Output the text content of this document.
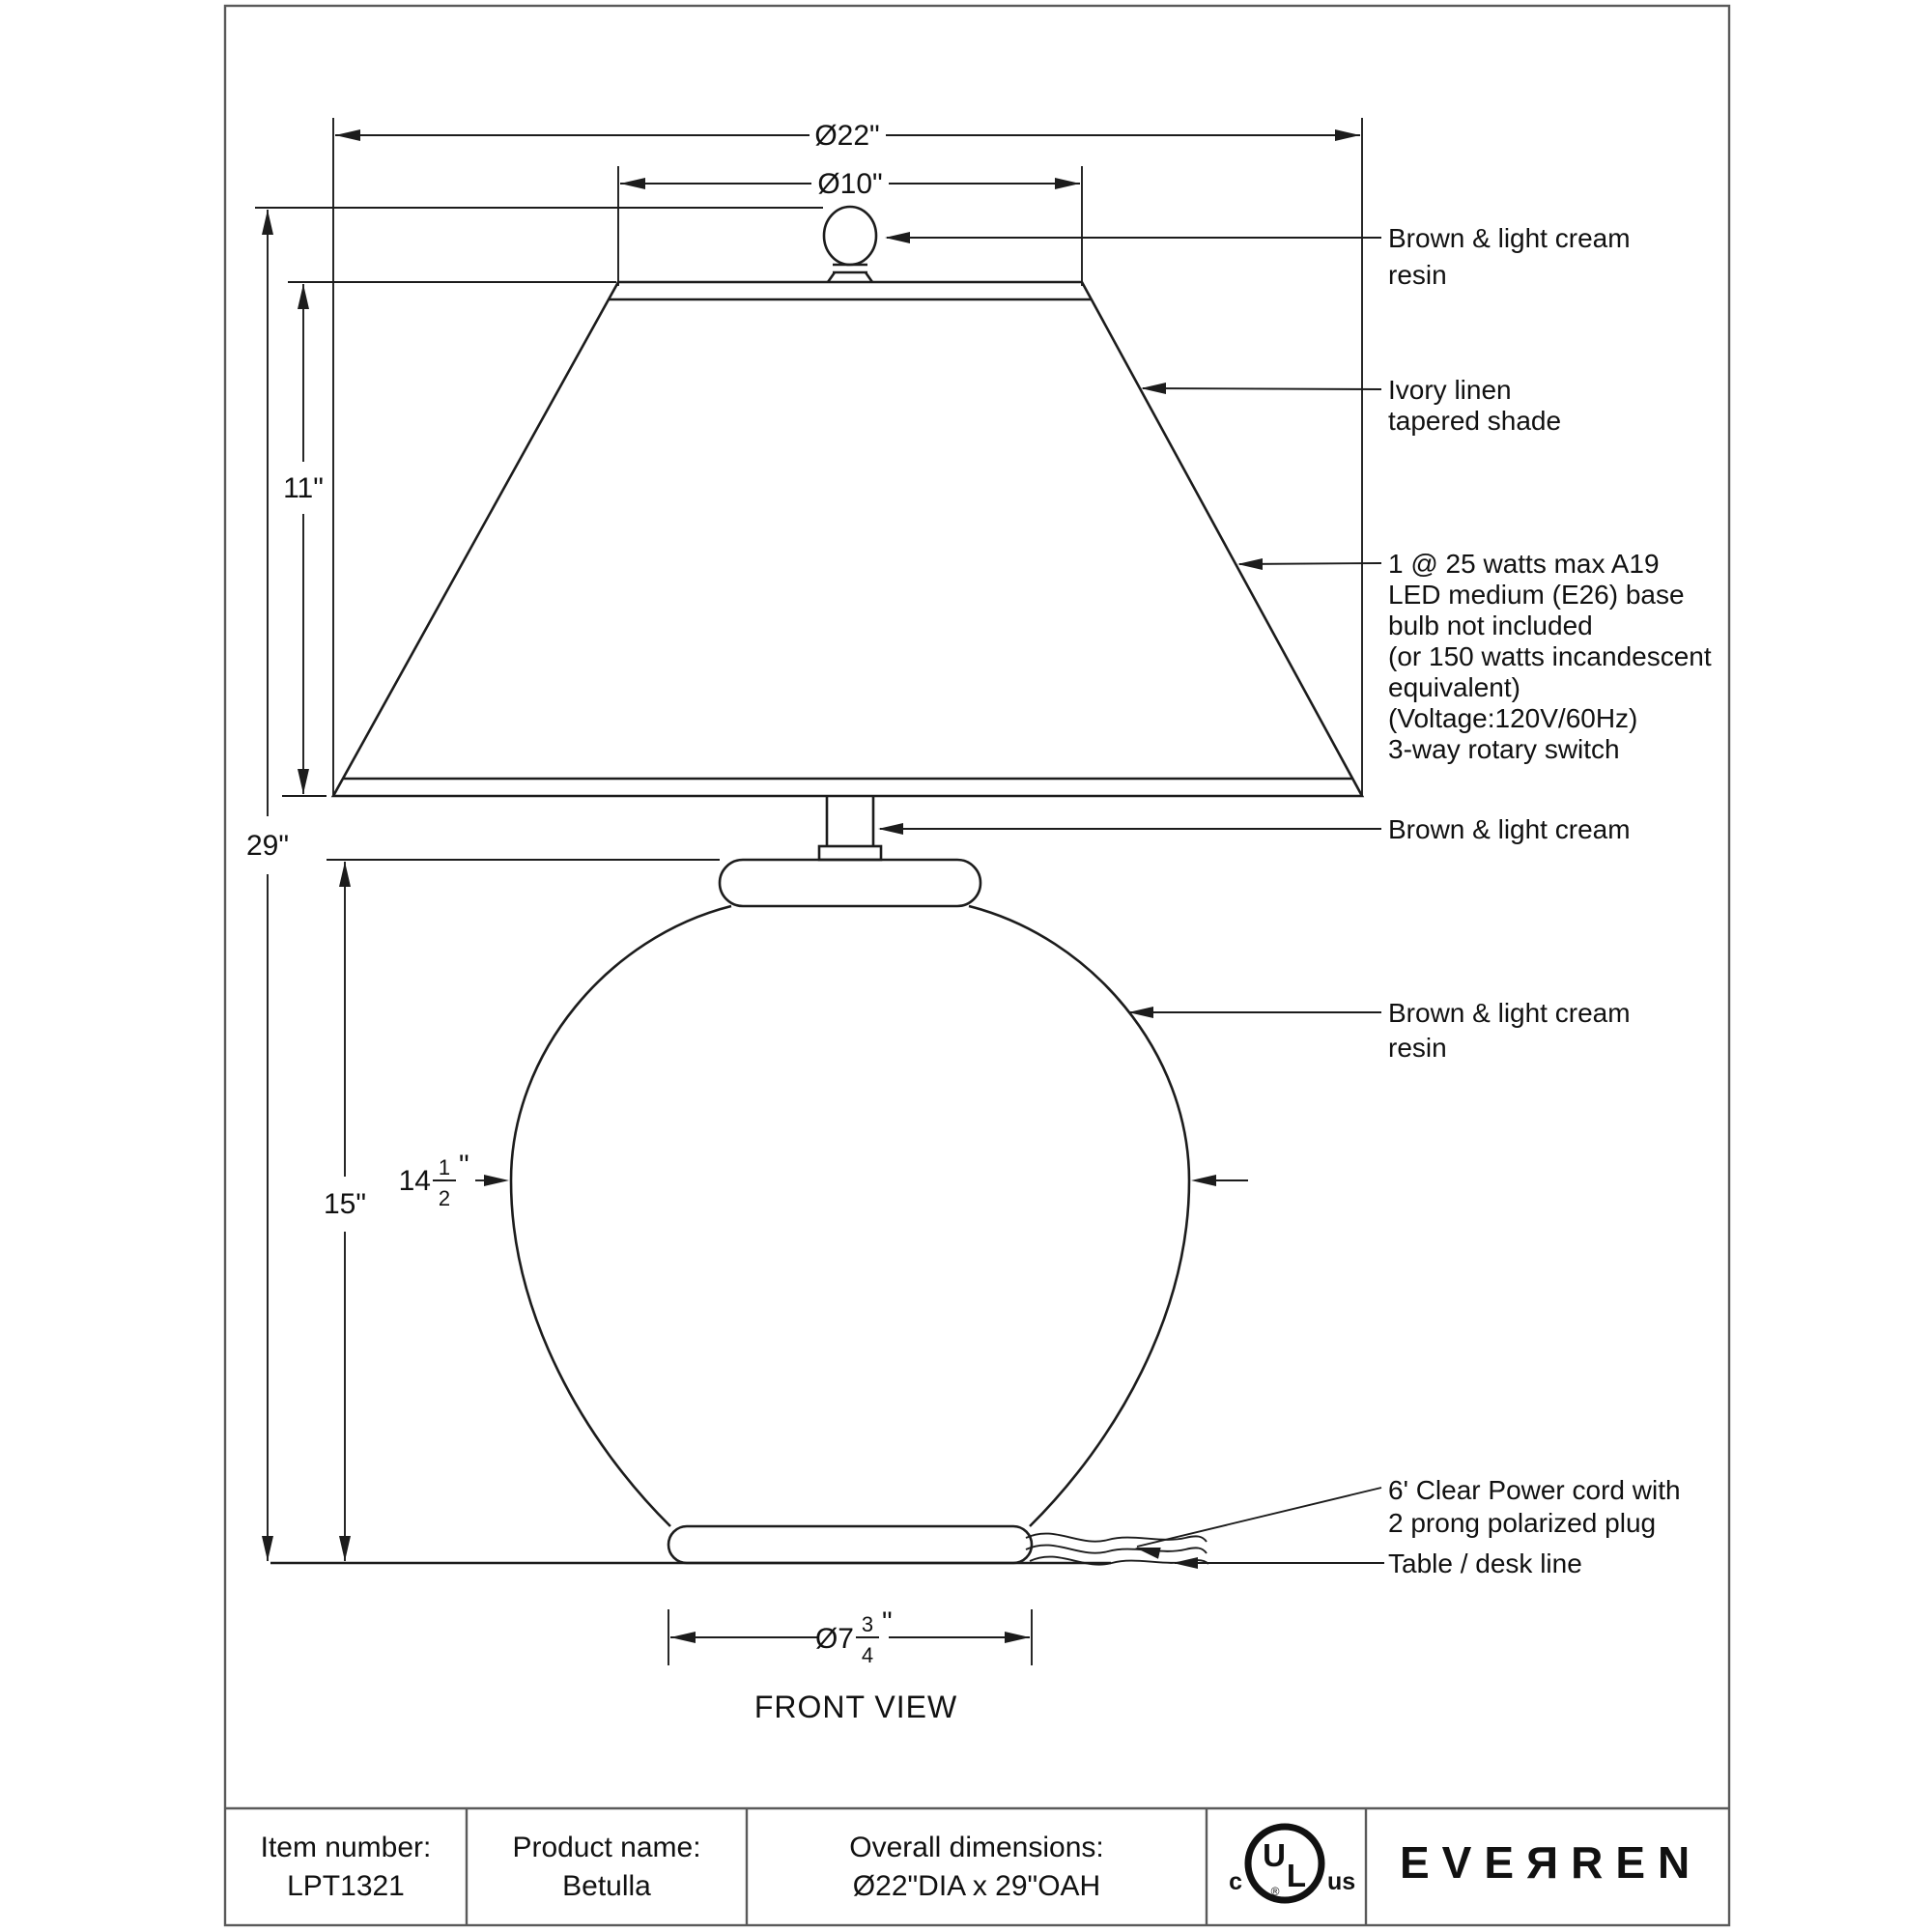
Ø22"
Ø10"
11"
29"
15"
14 1
2
"
Ø7 3
4
"
FRONT VIEW
Brown & light cream
resin
Ivory linen
tapered shade
1 @ 25 watts max A19
LED medium (E26) base
bulb not included
(or 150 watts incandescent
equivalent)
(Voltage:120V/60Hz)
3-way rotary switch
Brown & light cream
Brown & light cream
resin
6' Clear Power cord with
2 prong polarized plug
Table / desk line
Item number:
LPT1321
Product name:
Betulla
Overall dimensions:
Ø22"DIA x 29"OAH
U
L
®
c	us EVEЯREN
